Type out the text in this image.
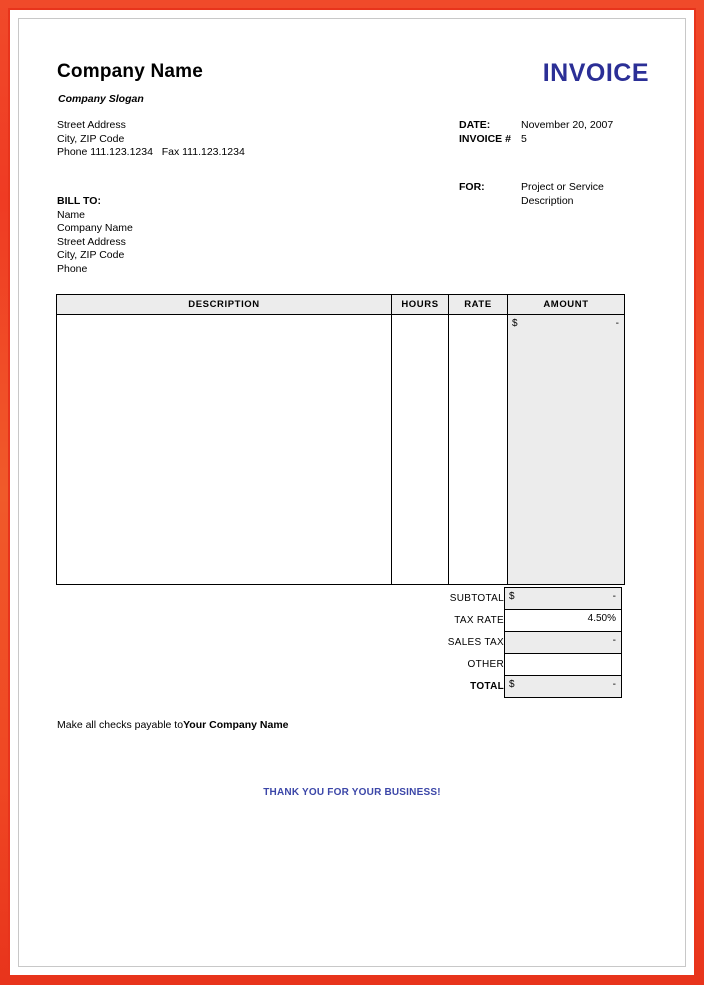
Company Name
Company Slogan
INVOICE
Street Address
City, ZIP Code
Phone 111.123.1234   Fax 111.123.1234
DATE:	November 20, 2007
INVOICE # 5
FOR:	Project or Service
Description
BILL TO:
Name
Company Name
Street Address
City, ZIP Code
Phone
DESCRIPTION	HOURS	RATE	AMOUNT

			$ -
	SUBTOTAL	$ -

	TAX RATE	4.50%

	SALES TAX	-

	OTHER	

	TOTAL	$ -
Make all checks payable toYour Company Name
THANK YOU FOR YOUR BUSINESS!
